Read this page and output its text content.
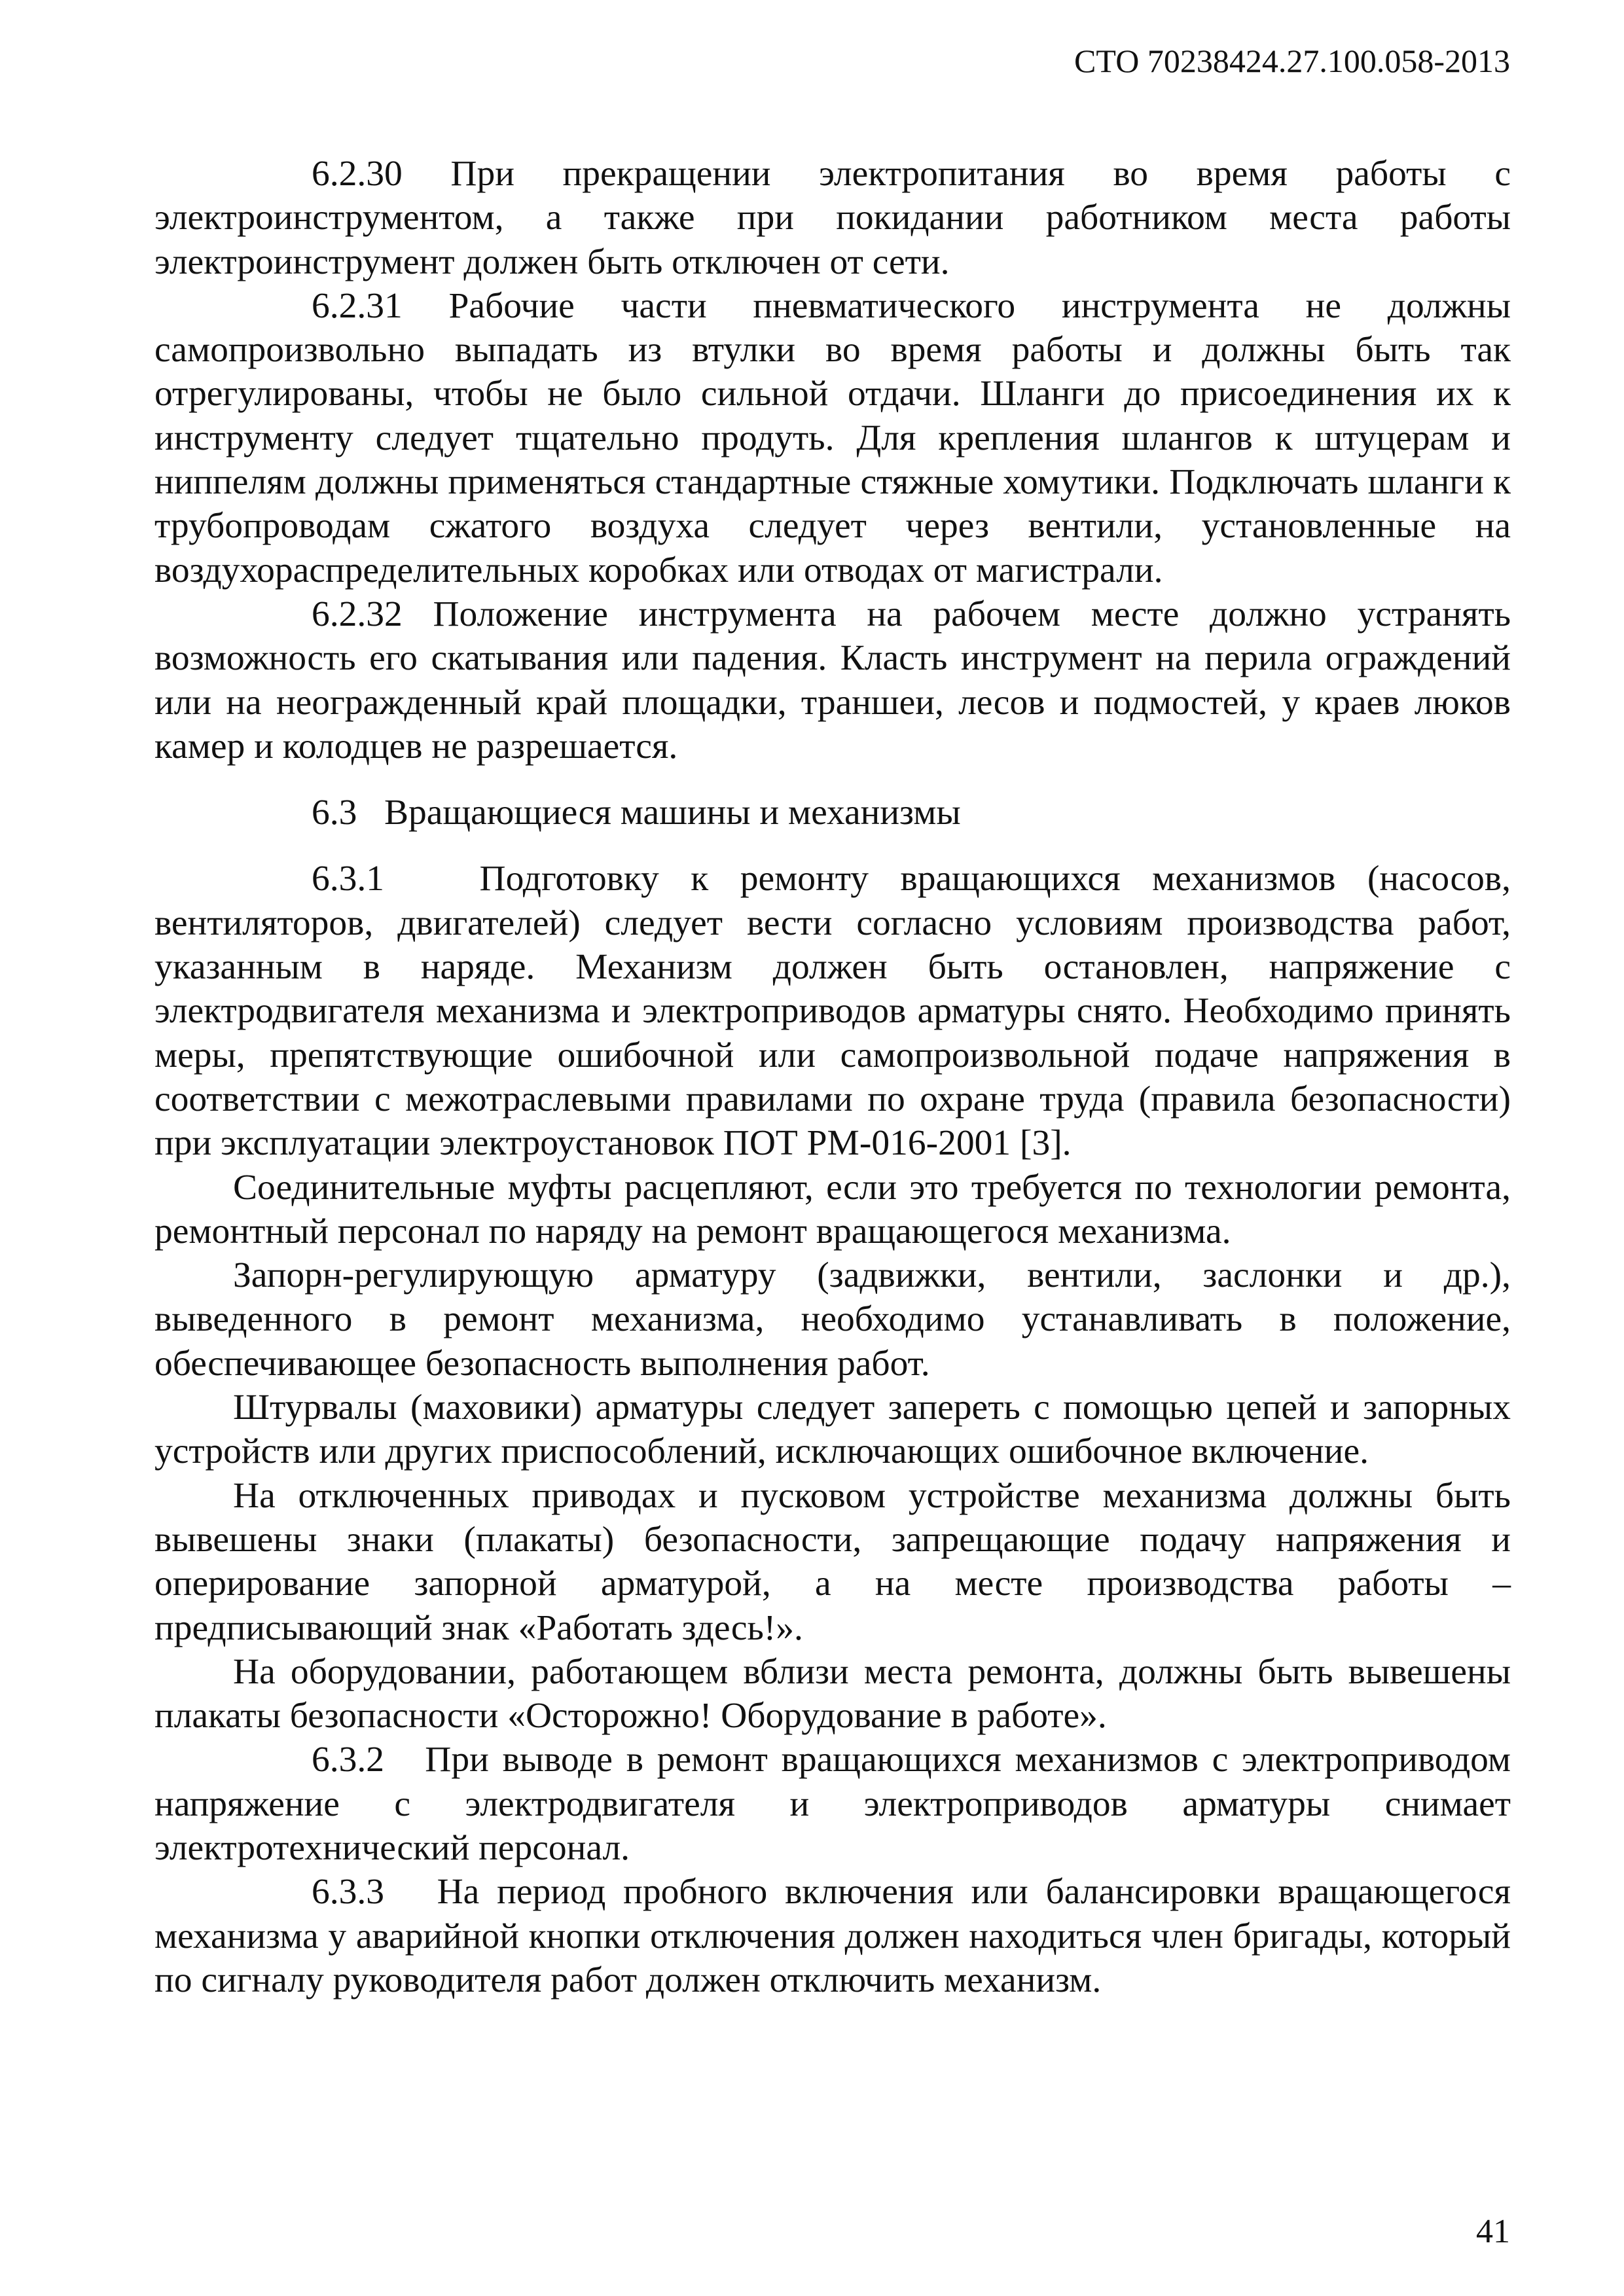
СТО 70238424.27.100.058-2013

6.2.30 При прекращении электропитания во время работы с электроинструментом, а также при покидании работником места работы электроинструмент должен быть отключен от сети.

6.2.31 Рабочие части пневматического инструмента не должны самопроизвольно выпадать из втулки во время работы и должны быть так отрегулированы, чтобы не было сильной отдачи. Шланги до присоединения их к инструменту следует тщательно продуть. Для крепления шлангов к штуцерам и ниппелям должны применяться стандартные стяжные хомутики. Подключать шланги к трубопроводам сжатого воздуха следует через вентили, установленные на воздухораспределительных коробках или отводах от магистрали.

6.2.32 Положение инструмента на рабочем месте должно устранять возможность его скатывания или падения. Класть инструмент на перила ограждений или на неогражденный край площадки, траншеи, лесов и подмостей, у краев люков камер и колодцев не разрешается.

6.3 Вращающиеся машины и механизмы

6.3.1	Подготовку к ремонту вращающихся механизмов (насосов, вентиляторов, двигателей) следует вести согласно условиям производства работ, указанным в наряде. Механизм должен быть остановлен, напряжение с электродвигателя механизма и электроприводов арматуры снято. Необходимо принять меры, препятствующие ошибочной или самопроизвольной подаче напряжения в соответствии с межотраслевыми правилами по охране труда (правила безопасности) при эксплуатации электроустановок ПОТ РМ-016-2001 [3].

Соединительные муфты расцепляют, если это требуется по технологии ремонта, ремонтный персонал по наряду на ремонт вращающегося механизма.

Запорн-регулирующую арматуру (задвижки, вентили, заслонки и др.), выведенного в ремонт механизма, необходимо устанавливать в положение, обеспечивающее безопасность выполнения работ.

Штурвалы (маховики) арматуры следует запереть с помощью цепей и запорных устройств или других приспособлений, исключающих ошибочное включение.

На отключенных приводах и пусковом устройстве механизма должны быть вывешены знаки (плакаты) безопасности, запрещающие подачу напряжения и оперирование запорной арматурой, а на месте производства работы – предписывающий знак «Работать здесь!».

На оборудовании, работающем вблизи места ремонта, должны быть вывешены плакаты безопасности «Осторожно! Оборудование в работе».

6.3.2 При выводе в ремонт вращающихся механизмов с электроприводом напряжение с электродвигателя и электроприводов арматуры снимает электротехнический персонал.

6.3.3 На период пробного включения или балансировки вращающегося механизма у аварийной кнопки отключения должен находиться член бригады, который по сигналу руководителя работ должен отключить механизм.

41
